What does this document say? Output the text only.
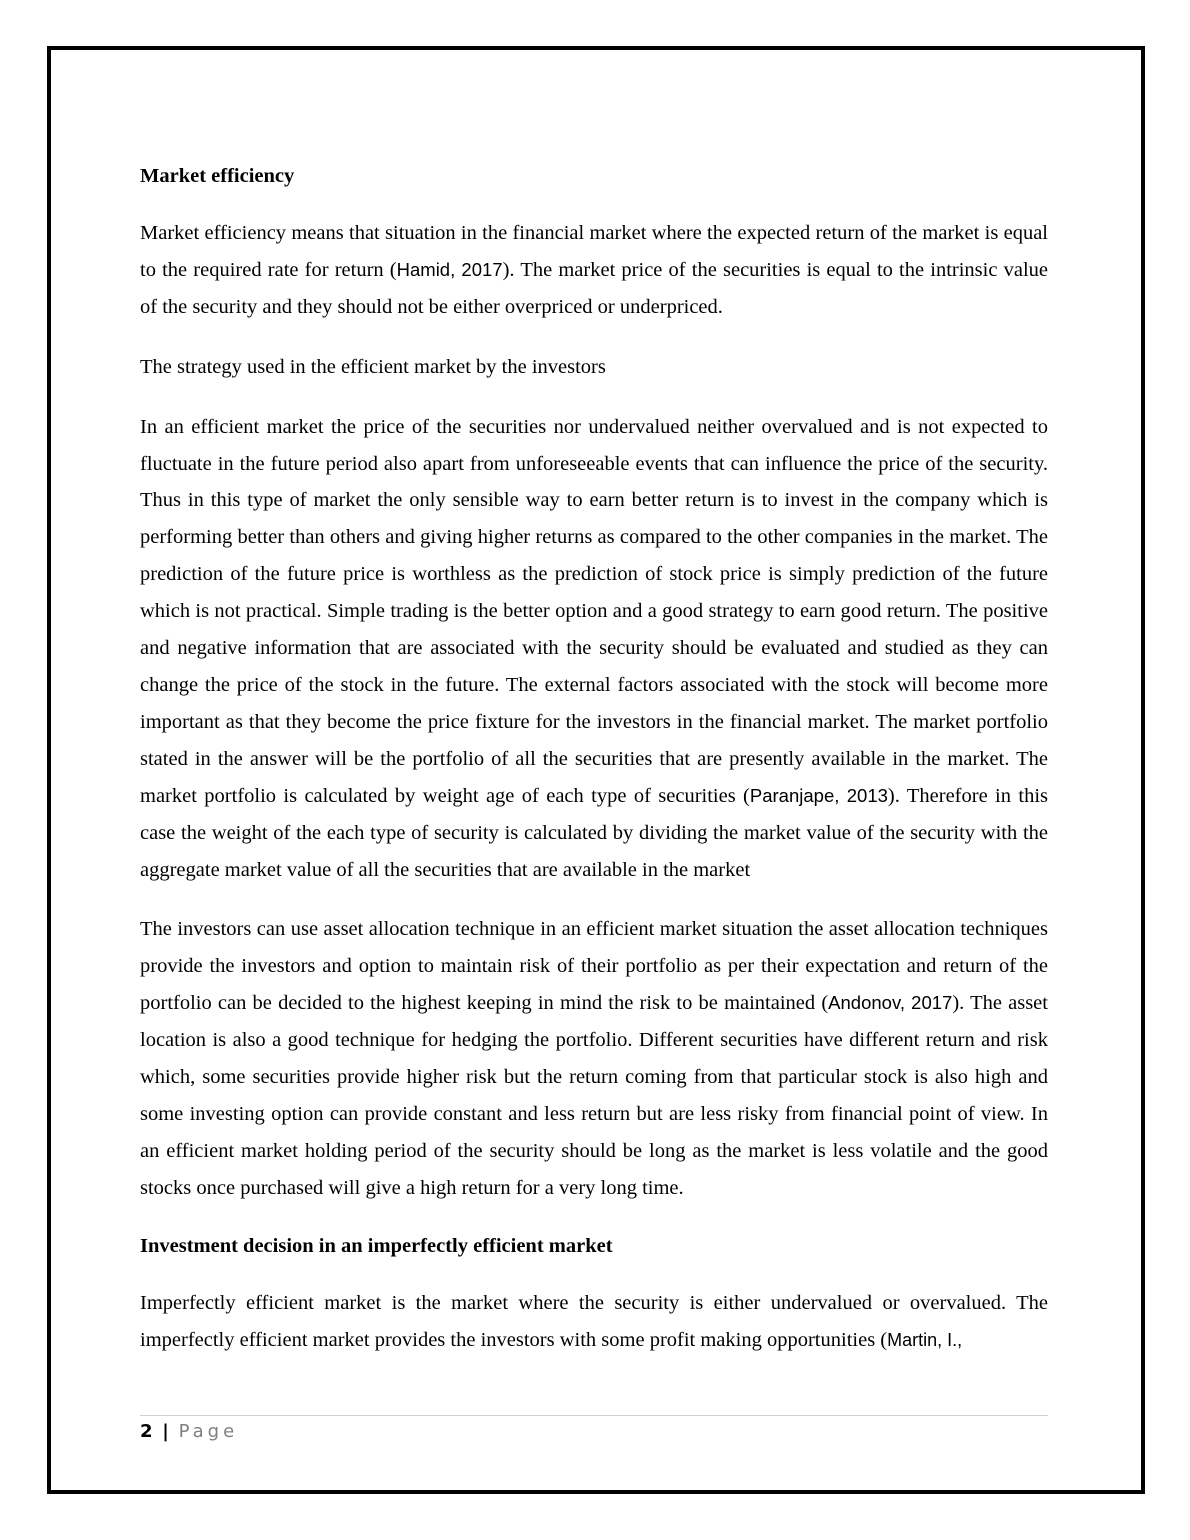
Market efficiency
Market efficiency means that situation in the financial market where the expected return of the market is equal to the required rate for return (Hamid, 2017). The market price of the securities is equal to the intrinsic value of the security and they should not be either overpriced or underpriced.
The strategy used in the efficient market by the investors
In an efficient market the price of the securities nor undervalued neither overvalued and is not expected to fluctuate in the future period also apart from unforeseeable events that can influence the price of the security. Thus in this type of market the only sensible way to earn better return is to invest in the company which is performing better than others and giving higher returns as compared to the other companies in the market. The prediction of the future price is worthless as the prediction of stock price is simply prediction of the future which is not practical. Simple trading is the better option and a good strategy to earn good return. The positive and negative information that are associated with the security should be evaluated and studied as they can change the price of the stock in the future. The external factors associated with the stock will become more important as that they become the price fixture for the investors in the financial market. The market portfolio stated in the answer will be the portfolio of all the securities that are presently available in the market. The market portfolio is calculated by weight age of each type of securities (Paranjape, 2013). Therefore in this case the weight of the each type of security is calculated by dividing the market value of the security with the aggregate market value of all the securities that are available in the market
The investors can use asset allocation technique in an efficient market situation the asset allocation techniques provide the investors and option to maintain risk of their portfolio as per their expectation and return of the portfolio can be decided to the highest keeping in mind the risk to be maintained (Andonov, 2017). The asset location is also a good technique for hedging the portfolio. Different securities have different return and risk which, some securities provide higher risk but the return coming from that particular stock is also high and some investing option can provide constant and less return but are less risky from financial point of view. In an efficient market holding period of the security should be long as the market is less volatile and the good stocks once purchased will give a high return for a very long time.
Investment decision in an imperfectly efficient market
Imperfectly efficient market is the market where the security is either undervalued or overvalued. The imperfectly efficient market provides the investors with some profit making opportunities (Martin, I.,
2 | Page
